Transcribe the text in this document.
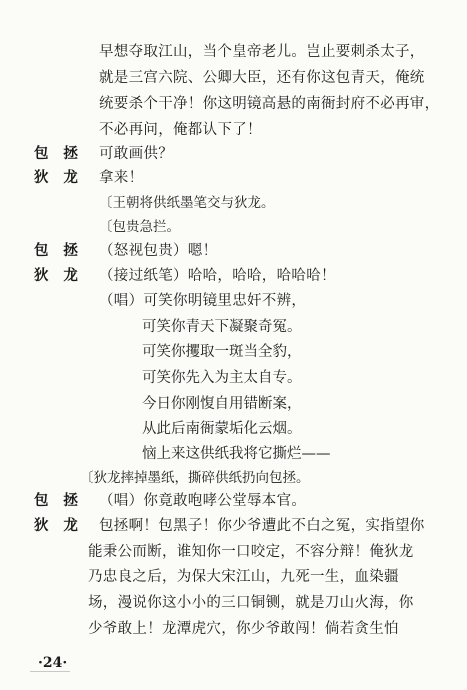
早想夺取江山，当个皇帝老儿。岂止要刺杀太子，
就是三宫六院、公卿大臣，还有你这包青天，俺统
统要杀个干净！你这明镜高悬的南衙封府不必再审，
不必再问，俺都认下了！
包　拯 可敢画供？
狄　龙 拿来！
〔王朝将供纸墨笔交与狄龙。
〔包贵急拦。
包　拯 （怒视包贵）嗯！
狄　龙 （接过纸笔）哈哈，哈哈，哈哈哈！
（唱）可笑你明镜里忠奸不辨，
可笑你青天下凝聚奇冤。
可笑你攫取一斑当全豹，
可笑你先入为主太自专。
今日你刚愎自用错断案，
从此后南衙蒙垢化云烟。
恼上来这供纸我将它撕烂——
〔狄龙摔掉墨纸，撕碎供纸扔向包拯。
包　拯 （唱）你竟敢咆哮公堂辱本官。
狄　龙 包拯啊！包黑子！你少爷遭此不白之冤，实指望你
能秉公而断，谁知你一口咬定，不容分辩！俺狄龙
乃忠良之后，为保大宋江山，九死一生，血染疆
场，漫说你这小小的三口铜铡，就是刀山火海，你
少爷敢上！龙潭虎穴，你少爷敢闯！倘若贪生怕
·24·
